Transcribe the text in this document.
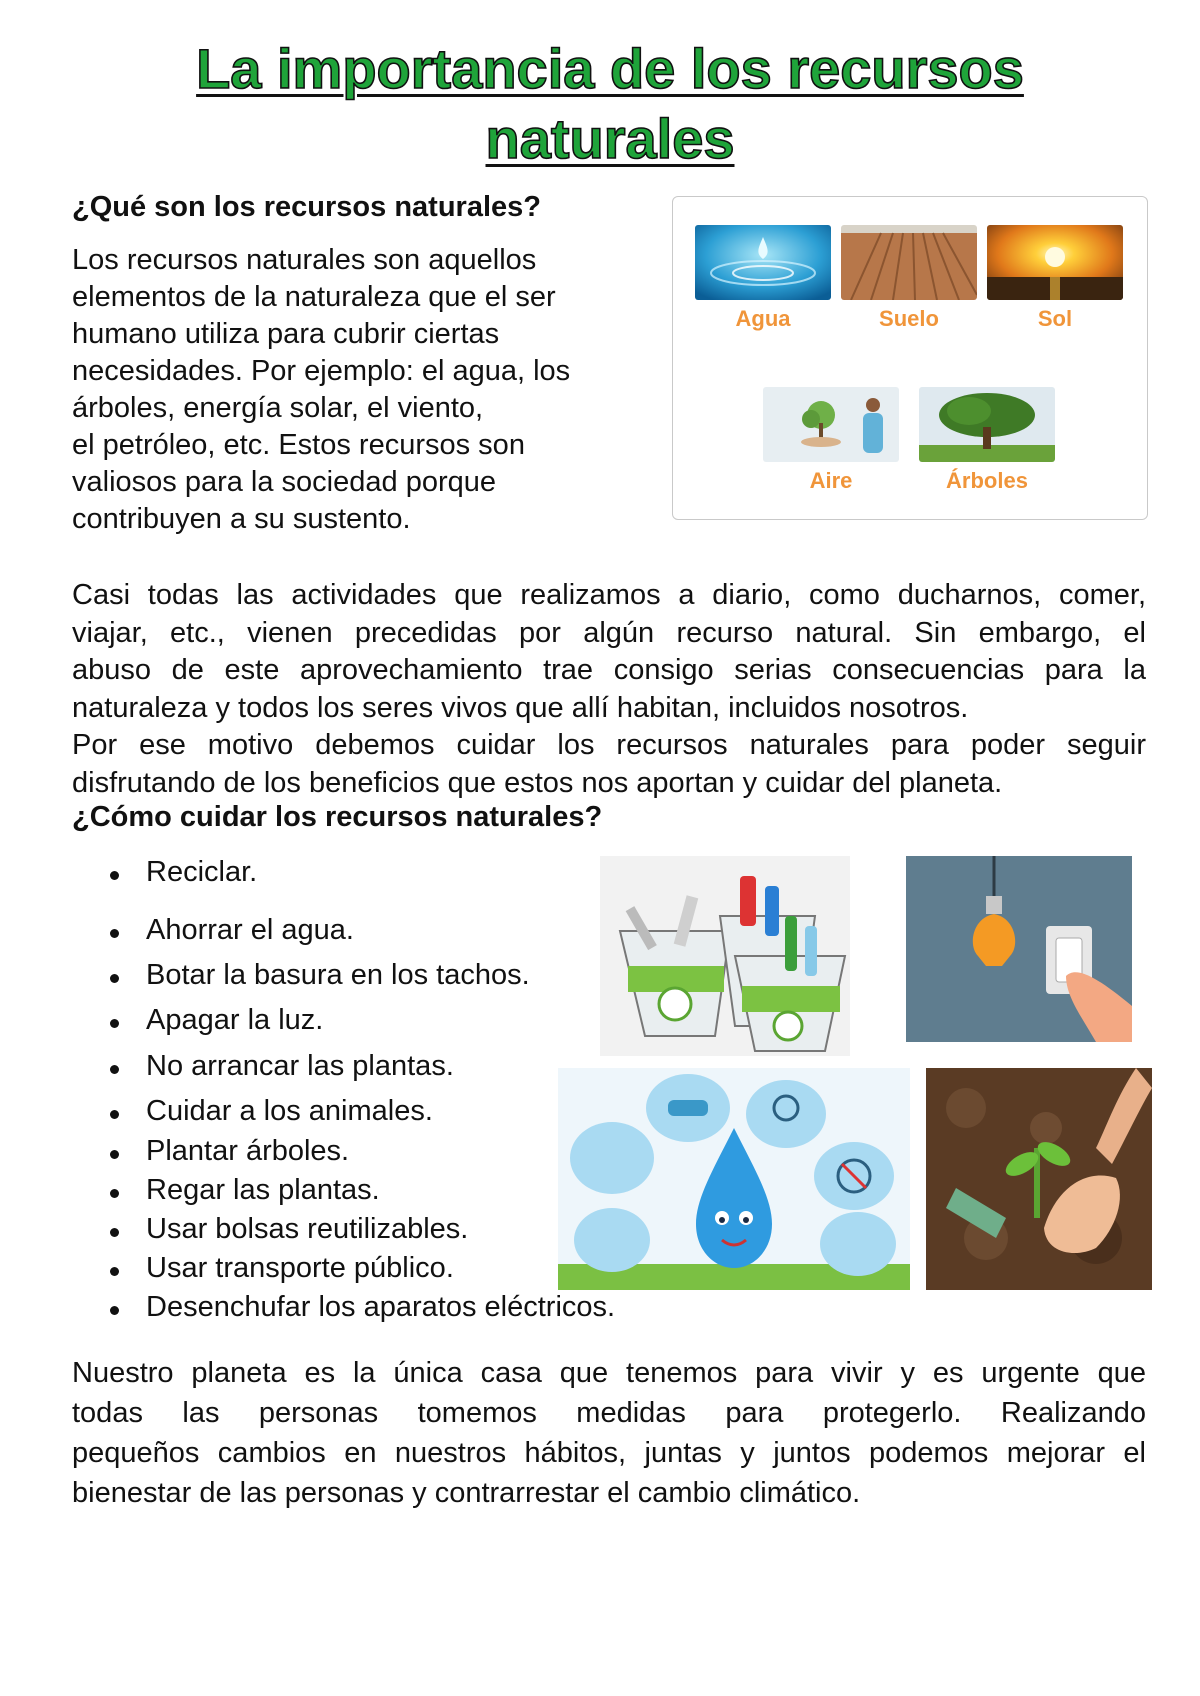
La importancia de los recursos
naturales
¿Qué son los recursos naturales?
Los recursos naturales son aquellos
elementos de la naturaleza que el ser
humano utiliza para cubrir ciertas
necesidades. Por ejemplo: el agua, los
árboles, energía solar, el viento,
el petróleo, etc. Estos recursos son
valiosos para la sociedad porque
contribuyen a su sustento.
Agua	Suelo	Sol
Aire	Árboles
Casi todas las actividades que realizamos a diario, como ducharnos, comer,
viajar, etc., vienen precedidas por algún recurso natural. Sin embargo, el
abuso de este aprovechamiento trae consigo serias consecuencias para la
naturaleza y todos los seres vivos que allí habitan, incluidos nosotros.
Por ese motivo debemos cuidar los recursos naturales para poder seguir
disfrutando de los beneficios que estos nos aportan y cuidar del planeta.
¿Cómo cuidar los recursos naturales?
Reciclar.
Ahorrar el agua.
Botar la basura en los tachos.
Apagar la luz.
No arrancar las plantas.
Cuidar a los animales.
Plantar árboles.
Regar las plantas.
Usar bolsas reutilizables.
Usar transporte público.
Desenchufar los aparatos eléctricos.
Nuestro planeta es la única casa que tenemos para vivir y es urgente que
todas las personas tomemos medidas para protegerlo. Realizando
pequeños cambios en nuestros hábitos, juntas y juntos podemos mejorar el
bienestar de las personas y contrarrestar el cambio climático.
